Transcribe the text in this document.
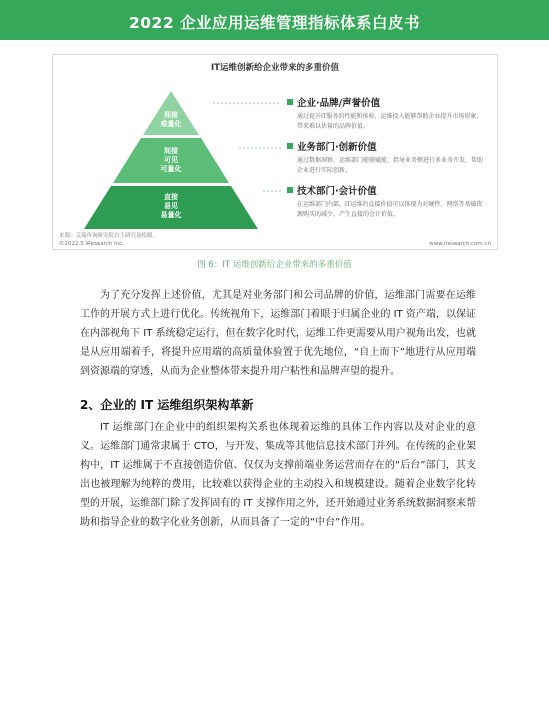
2022 企业应用运维管理指标体系白皮书
IT运维创新给企业带来的多重价值
间接
难量化
间接
可见
可量化
直接
易见
易量化
企业·品牌/声誉价值
通过提升IT服务的性能和体验，运维投入能够帮助企业提升市场形象，带来难以估量的品牌价值。
业务部门·创新价值
通过数据洞察、运维部门能够赋能、指导业务侧进行多业务开发，帮助企业进行实际创新。
技术部门·会计价值
在运维部门内部，IT运维的直接价值可以体现为对硬件、网络等基础资源购买的减少，产生直接的会计价值。
来源：艾瑞咨询研究院自主研究及绘制。
©2022.5 iResearch Inc.	www.iresearch.com.cn
图 6：IT 运维创新给企业带来的多重价值

为了充分发挥上述价值，尤其是对业务部门和公司品牌的价值，运维部门需要在运维工作的开展方式上进行优化。传统视角下，运维部门着眼于归属企业的 IT 资产端，以保证在内部视角下 IT 系统稳定运行，但在数字化时代，运维工作更需要从用户视角出发，也就是从应用端着手，将提升应用端的高质量体验置于优先地位，“自上而下”地进行从应用端到资源端的穿透，从而为企业整体带来提升用户粘性和品牌声望的提升。

2、企业的 IT 运维组织架构革新

IT 运维部门在企业中的组织架构关系也体现着运维的具体工作内容以及对企业的意义。运维部门通常隶属于 CTO，与开发、集成等其他信息技术部门并列。在传统的企业架构中，IT 运维属于不直接创造价值、仅仅为支撑前端业务运营而存在的“后台”部门，其支出也被理解为纯粹的费用，比较难以获得企业的主动投入和规模建设。随着企业数字化转型的开展，运维部门除了发挥固有的 IT 支撑作用之外，还开始通过业务系统数据洞察来帮助和指导企业的数字化业务创新，从而具备了一定的“中台”作用。
